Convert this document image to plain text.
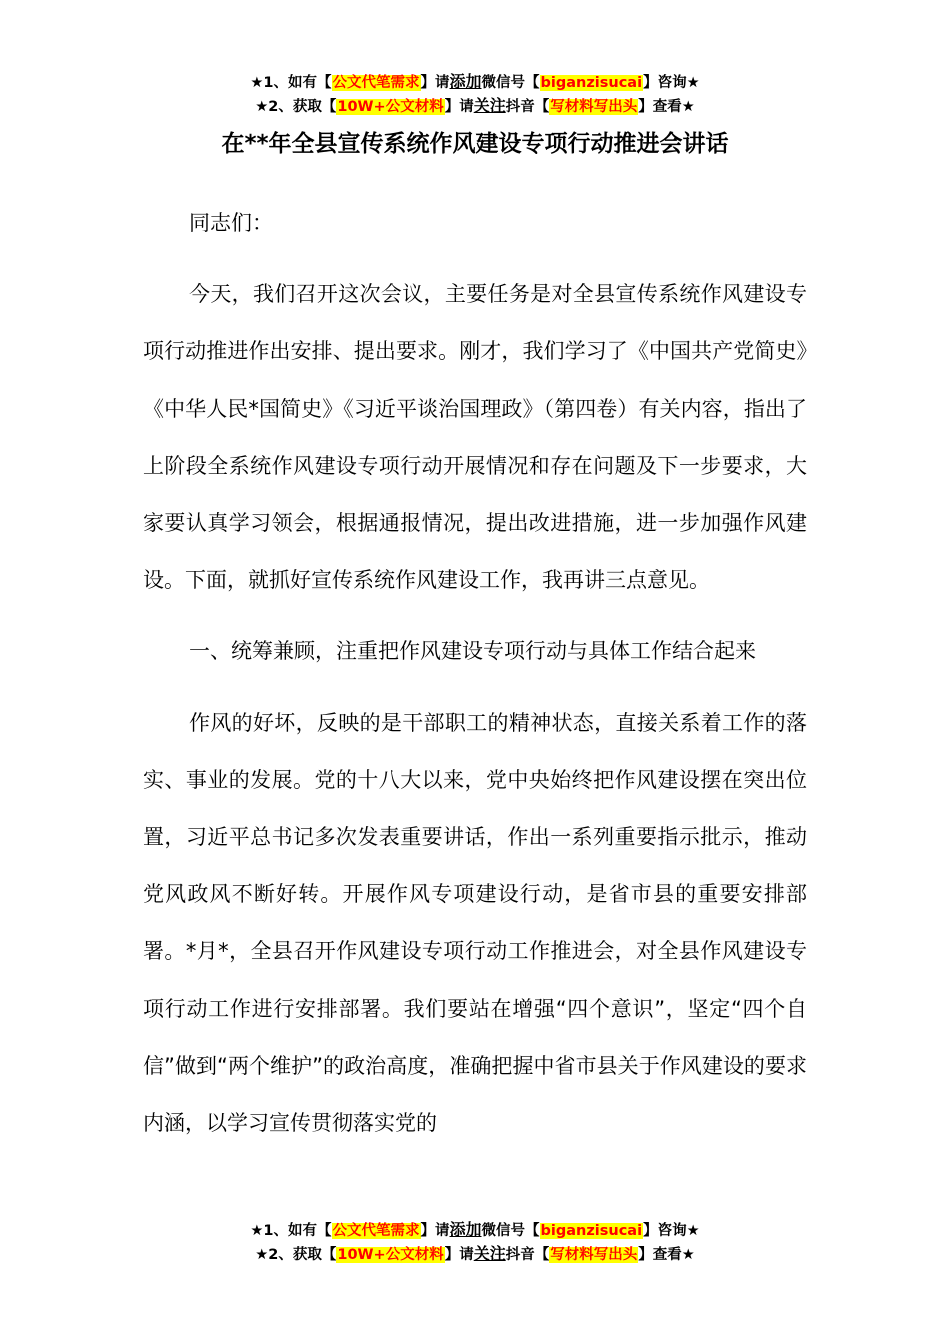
★1、如有【公文代笔需求】请添加微信号【biganzisucai】咨询★
★2、获取【10W+公文材料】请关注抖音【写材料写出头】查看★
在**年全县宣传系统作风建设专项行动推进会讲话

同志们：

今天，我们召开这次会议，主要任务是对全县宣传系统作风建设专项行动推进作出安排、提出要求。刚才，我们学习了《中国共产党简史》《中华人民*国简史》《习近平谈治国理政》（第四卷）有关内容，指出了上阶段全系统作风建设专项行动开展情况和存在问题及下一步要求，大家要认真学习领会，根据通报情况，提出改进措施，进一步加强作风建设。下面，就抓好宣传系统作风建设工作，我再讲三点意见。

一、统筹兼顾，注重把作风建设专项行动与具体工作结合起来

作风的好坏，反映的是干部职工的精神状态，直接关系着工作的落实、事业的发展。党的十八大以来，党中央始终把作风建设摆在突出位置，习近平总书记多次发表重要讲话，作出一系列重要指示批示，推动党风政风不断好转。开展作风专项建设行动，是省市县的重要安排部署。*月*，全县召开作风建设专项行动工作推进会，对全县作风建设专项行动工作进行安排部署。我们要站在增强“四个意识”，坚定“四个自信”做到“两个维护”的政治高度，准确把握中省市县关于作风建设的要求内涵，以学习宣传贯彻落实党的

★1、如有【公文代笔需求】请添加微信号【biganzisucai】咨询★
★2、获取【10W+公文材料】请关注抖音【写材料写出头】查看★
